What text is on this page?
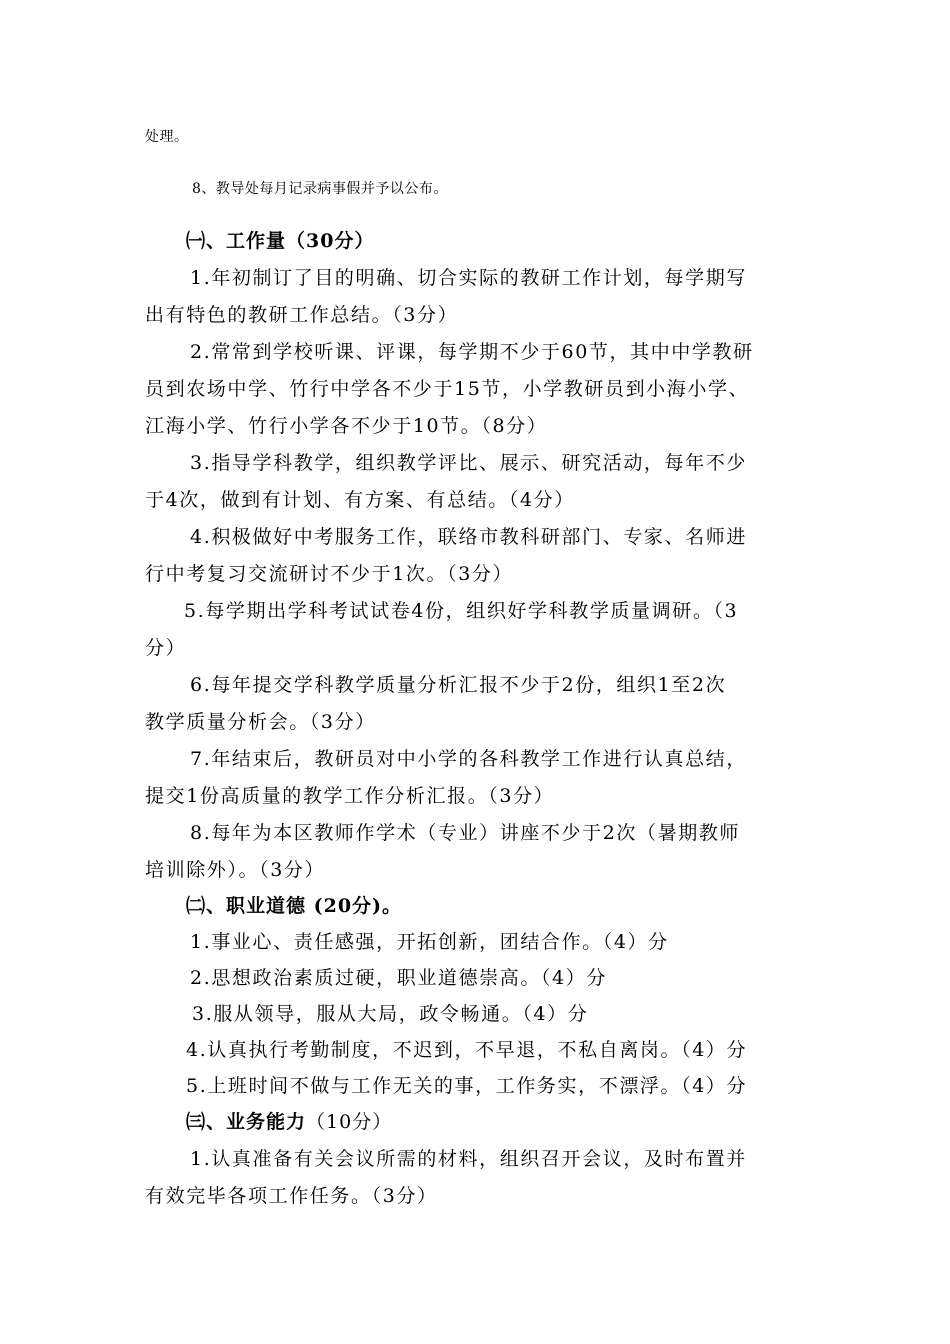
处理。
8、教导处每月记录病事假并予以公布。
㈠、工作量（30分）
1.年初制订了目的明确、切合实际的教研工作计划，每学期写
出有特色的教研工作总结。（3分）
2.常常到学校听课、评课，每学期不少于60节，其中中学教研
员到农场中学、竹行中学各不少于15节，小学教研员到小海小学、
江海小学、竹行小学各不少于10节。（8分）
3.指导学科教学，组织教学评比、展示、研究活动，每年不少
于4次，做到有计划、有方案、有总结。（4分）
4.积极做好中考服务工作，联络市教科研部门、专家、名师进
行中考复习交流研讨不少于1次。（3分）
5.每学期出学科考试试卷4份，组织好学科教学质量调研。（3
分）
6.每年提交学科教学质量分析汇报不少于2份，组织1至2次
教学质量分析会。（3分）
7.年结束后，教研员对中小学的各科教学工作进行认真总结，
提交1份高质量的教学工作分析汇报。（3分）
8.每年为本区教师作学术（专业）讲座不少于2次（暑期教师
培训除外）。（3分）
㈡、职业道德 (20分)。
1.事业心、责任感强，开拓创新，团结合作。（4）分
2.思想政治素质过硬，职业道德崇高。（4）分
3.服从领导，服从大局，政令畅通。（4）分
4.认真执行考勤制度，不迟到，不早退，不私自离岗。（4）分
5.上班时间不做与工作无关的事，工作务实，不漂浮。（4）分
㈢、业务能力（10分）
1.认真准备有关会议所需的材料，组织召开会议，及时布置并
有效完毕各项工作任务。（3分）
